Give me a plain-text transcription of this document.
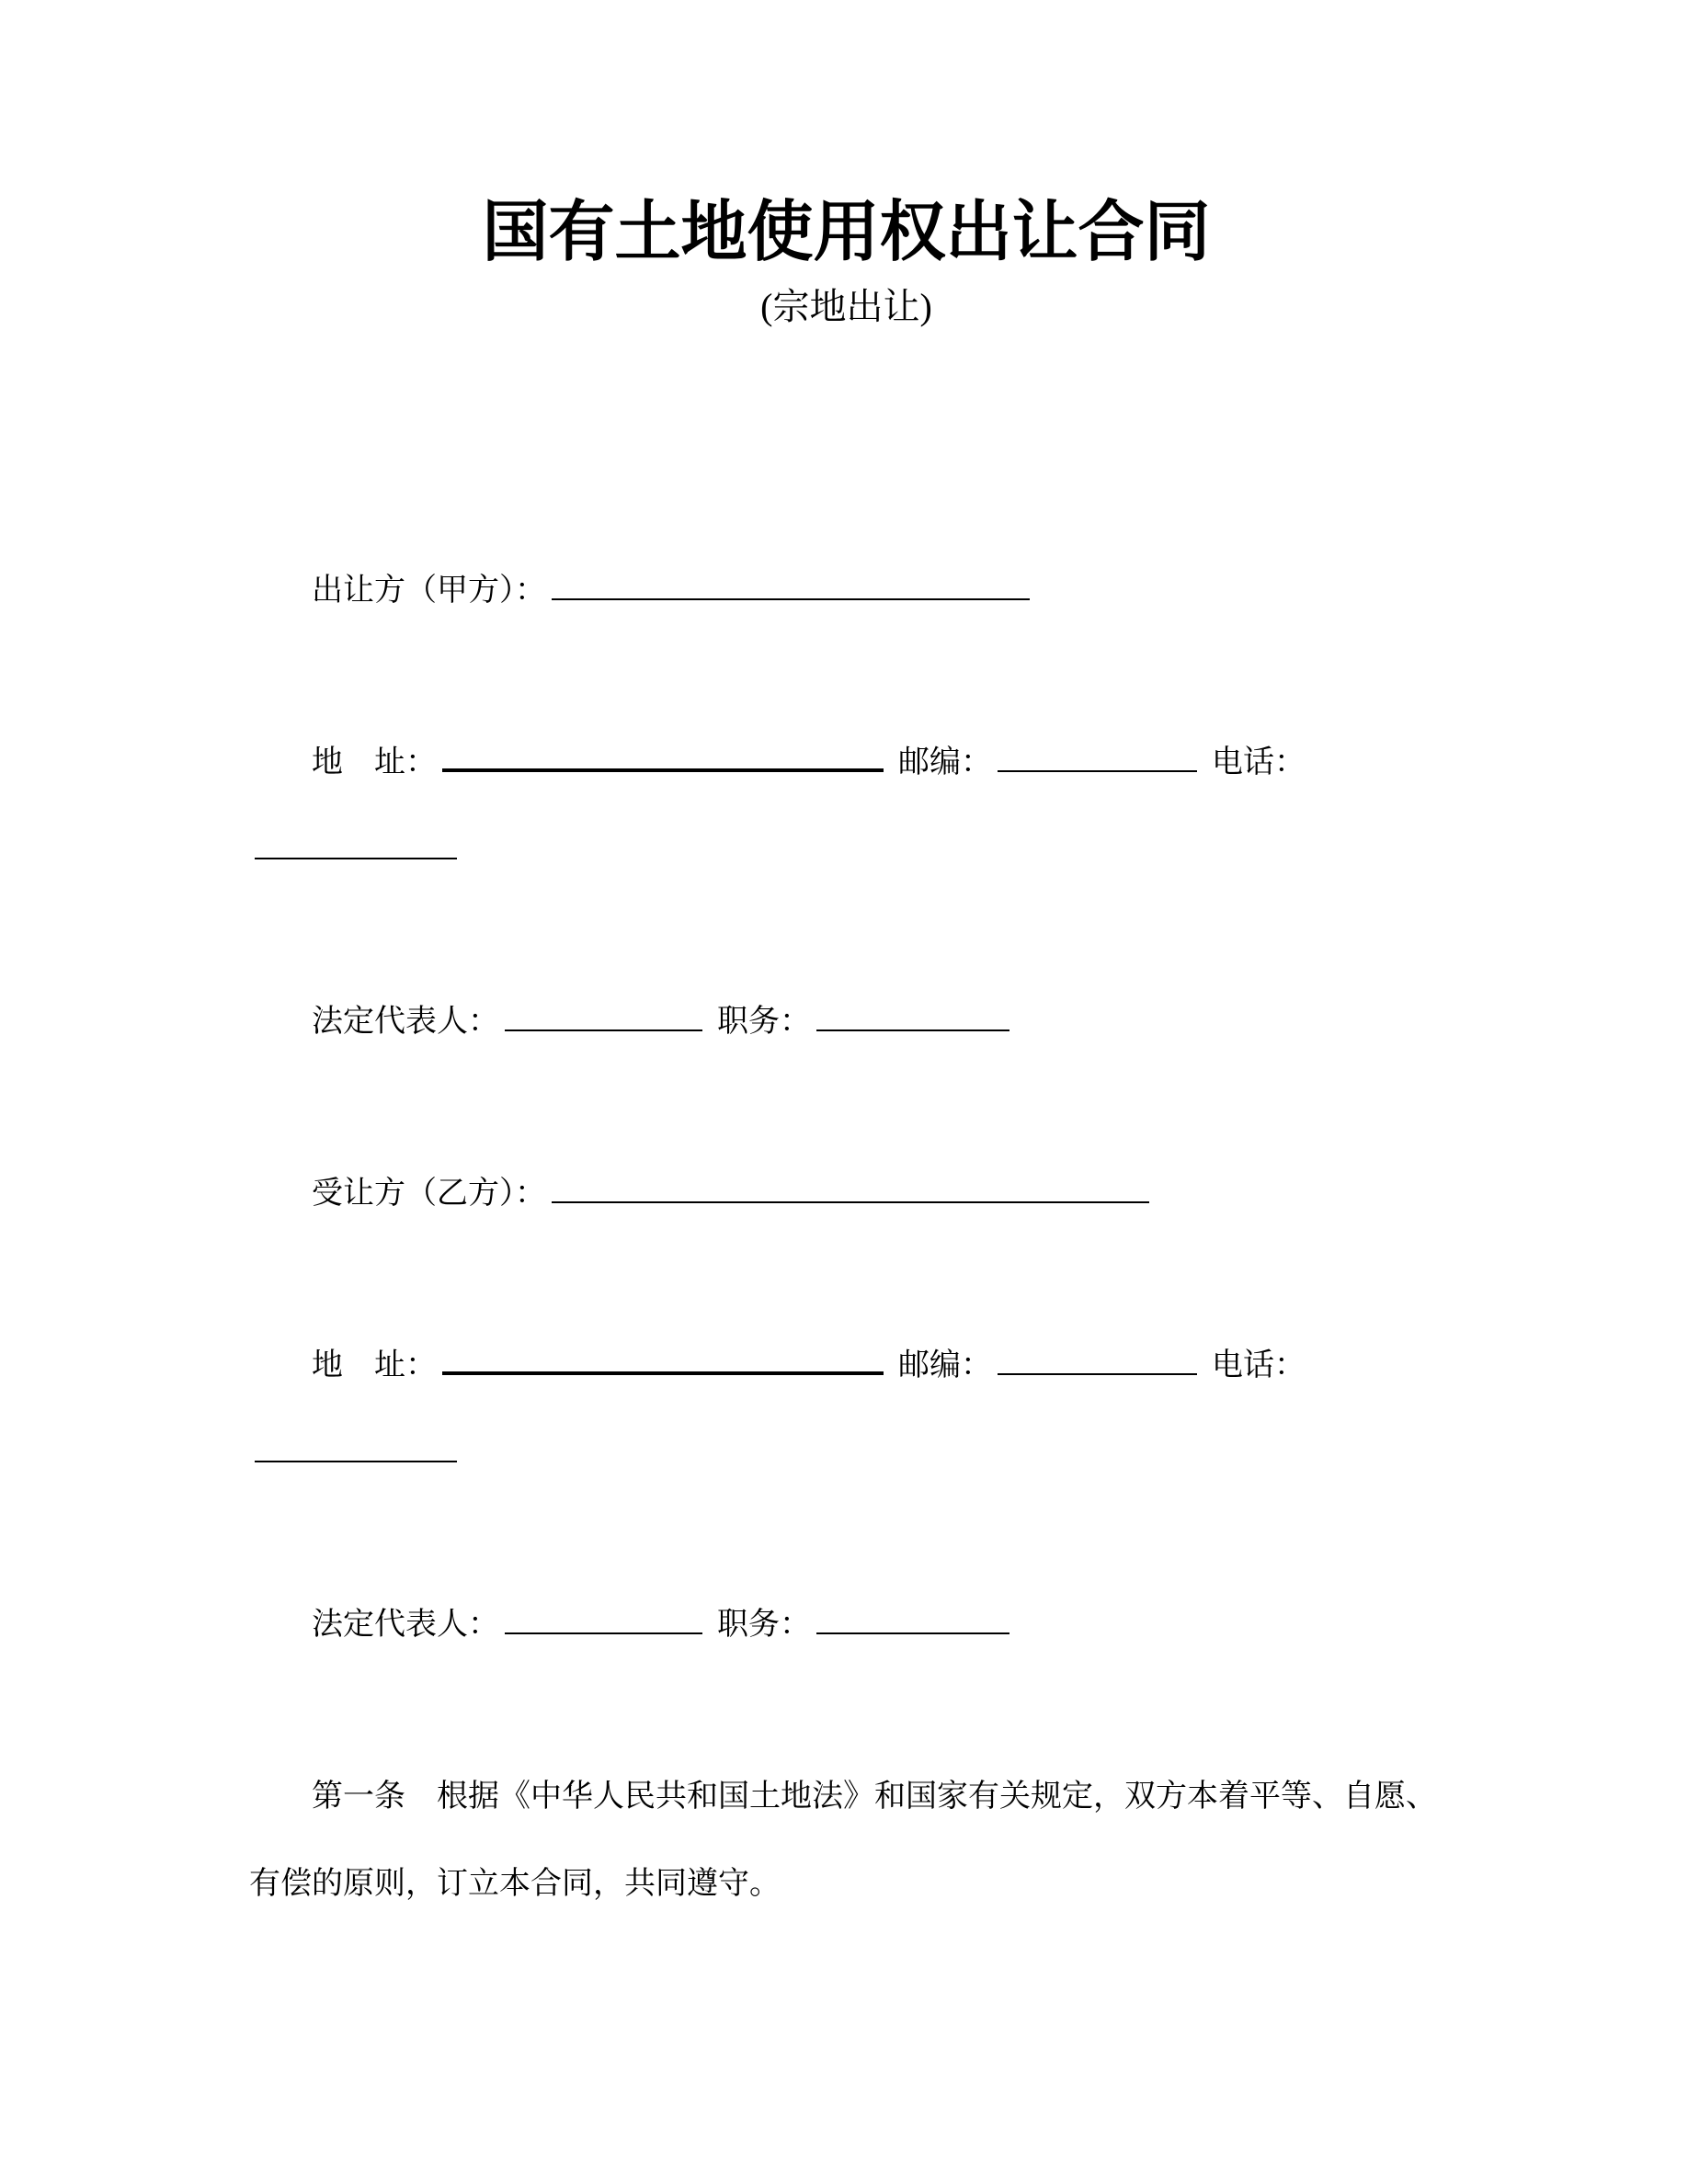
国有土地使用权出让合同
(宗地出让)

出让方（甲方）：

地　址：	邮编：	电话：

法定代表人：	职务：

受让方（乙方）：

地　址：	邮编：	电话：

法定代表人：	职务：

第一条　根据《中华人民共和国土地法》和国家有关规定，双方本着平等、自愿、有偿的原则，订立本合同，共同遵守。
